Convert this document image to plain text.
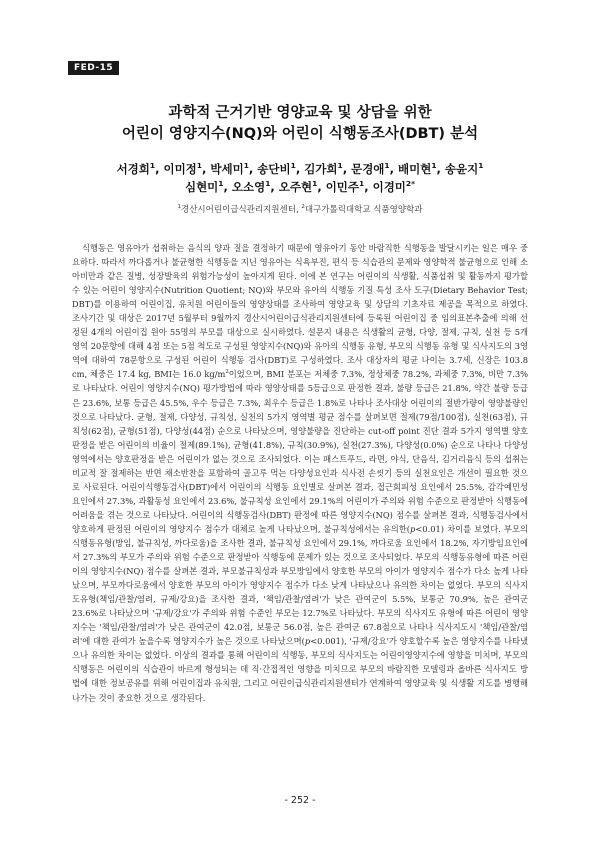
FED-15
과학적 근거기반 영양교육 및 상담을 위한
어린이 영양지수(NQ)와 어린이 식행동조사(DBT) 분석
서경희$^1$, 이미정$^1$, 박세미$^1$, 송단비$^1$, 김가희$^1$, 문경애$^1$, 배미현$^1$, 송윤지$^1$
심현미$^1$, 오소영$^1$, 오주현$^1$, 이민주$^1$, 이경미$^{2*}$
$^1$경산시어린이급식관리지원센터, $^2$대구가톨릭대학교 식품영양학과

식행동은 영유아가 섭취하는 음식의 양과 질을 결정하기 때문에 영유아기 동안 바람직한 식행동을 발달시키는 일은 매우 중요하다. 따라서 까다롭거나 불균형한 식행동을 지닌 영유아는 식욕부진, 편식 등 식습관의 문제와 영양학적 불균형으로 인해 소아비만과 같은 질병, 성장발육의 위험가능성이 높아지게 된다. 이에 본 연구는 어린이의 식생활, 식품섭취 및 활동까지 평가할 수 있는 어린이 영양지수(Nutrition Quotient; NQ)와 부모와 유아의 식행동 기질 특성 조사 도구(Dietary Behavior Test; DBT)를 이용하여 어린이집, 유치원 어린이들의 영양상태를 조사하여 영양교육 및 상담의 기초자료 제공을 목적으로 하였다. 조사기간 및 대상은 2017년 5월부터 9월까지 경산시어린이급식관리지원센터에 등록된 어린이집 중 임의표본추출에 의해 선정된 4개의 어린이집 원아 55명의 부모를 대상으로 실시하였다. 설문지 내용은 식생활의 균형, 다양, 절제, 규칙, 실천 등 5개 영역 20문항에 대해 4점 또는 5점 척도로 구성된 영양지수(NQ)와 유아의 식행동 유형, 부모의 식행동 유형 및 식사지도의 3영역에 대하여 78문항으로 구성된 어린이 식행동 검사(DBT)로 구성하였다. 조사 대상자의 평균 나이는 3.7세, 신장은 103.8 cm, 체중은 17.4 kg, BMI는 16.0 $kg/m^2$이었으며, BMI 분포는 저체중 7.3%, 정상체중 78.2%, 과체중 7.3%, 비만 7.3%로 나타났다. 어린이 영양지수(NQ) 평가방법에 따라 영양상태를 5등급으로 판정한 결과, 불량 등급은 21.8%, 약간 불량 등급은 23.6%, 보통 등급은 45.5%, 우수 등급은 7.3%, 최우수 등급은 1.8%로 나타나 조사대상 어린이의 절반가량이 영양불량인 것으로 나타났다. 균형, 절제, 다양성, 규칙성, 실천의 5가지 영역별 평균 점수를 살펴보면 절제(79점/100점), 실천(63점), 규칙성(62점), 균형(51점), 다양성(44점) 순으로 나타났으며, 영양불량을 진단하는 cut-off point 진단 결과 5가지 영역별 양호판정을 받은 어린이의 비율이 절제(89.1%), 균형(41.8%), 규칙(30.9%), 실천(27.3%), 다양성(0.0%) 순으로 나타나 다양성영역에서는 양호판정을 받은 어린이가 없는 것으로 조사되었다. 이는 패스트푸드, 라면, 야식, 단음식, 김거리음식 등의 섭취는 비교적 잘 절제하는 반면 채소반찬을 포함하여 골고루 먹는 다양성요인과 식사전 손씻기 등의 실천요인은 개선이 필요한 것으로 사료된다. 어린이식행동검사(DBT)에서 어린이의 식행동 요인별로 살펴본 결과, 접근회피성 요인에서 25.5%, 감각예민성 요인에서 27.3%, 과활동성 요인에서 23.6%, 불규칙성 요인에서 29.1%의 어린이가 주의와 위험 수준으로 판정받아 식행동에 어려움을 겪는 것으로 나타났다. 어린이의 식행동검사(DBT) 판정에 따른 영양지수(NQ) 점수를 살펴본 결과, 식행동검사에서 양호하게 판정된 어린이의 영양지수 점수가 대체로 높게 나타났으며, 불규칙성에서는 유의한(p<0.01) 차이를 보였다. 부모의 식행동유형(방임, 불규칙성, 까다로움)을 조사한 결과, 불규칙성 요인에서 29.1%, 까다로움 요인에서 18.2%, 자기방임요인에서 27.3%의 부모가 주의와 위험 수준으로 판정받아 식행동에 문제가 있는 것으로 조사되었다. 부모의 식행동유형에 따른 어린이의 영양지수(NQ) 점수를 살펴본 결과, 부모불규칙성과 부모방임에서 양호한 부모의 아이가 영양지수 점수가 다소 높게 나타났으며, 부모까다로움에서 양호한 부모의 아이가 영양지수 점수가 다소 낮게 나타났으나 유의한 차이는 없었다. 부모의 식사지도유형(책임/관찰/염려, 규제/강요)을 조사한 결과, '책임/관찰/염려'가 낮은 관여군이 5.5%, 보통군 70.9%, 높은 관여군 23.6%로 나타났으며 '규제/강요'가 주의와 위험 수준인 부모는 12.7%로 나타났다. 부모의 식사지도 유형에 따른 어린이 영양지수는 '책임/관찰/염려'가 낮은 관여군이 42.0점, 보통군 56.0점, 높은 관여군 67.8점으로 나타나 식사지도시 '책임/관찰/염려'에 대한 관여가 높을수록 영양지수가 높은 것으로 나타났으며(p<0.001), '규제/강요'가 양호할수록 높은 영양지수를 나타냈으나 유의한 차이는 없었다. 이상의 결과를 통해 어린이의 식행동, 부모의 식사지도는 어린이영양지수에 영향을 미치며, 부모의 식행동은 어린이의 식습관이 바르게 형성되는 데 직·간접적인 영향을 미치므로 부모의 바람직한 모델링과 올바른 식사지도 방법에 대한 정보공유를 위해 어린이집과 유치원, 그리고 어린이급식관리지원센터가 연계하여 영양교육 및 식생활 지도를 병행해 나가는 것이 중요한 것으로 생각된다.

- 252 -
